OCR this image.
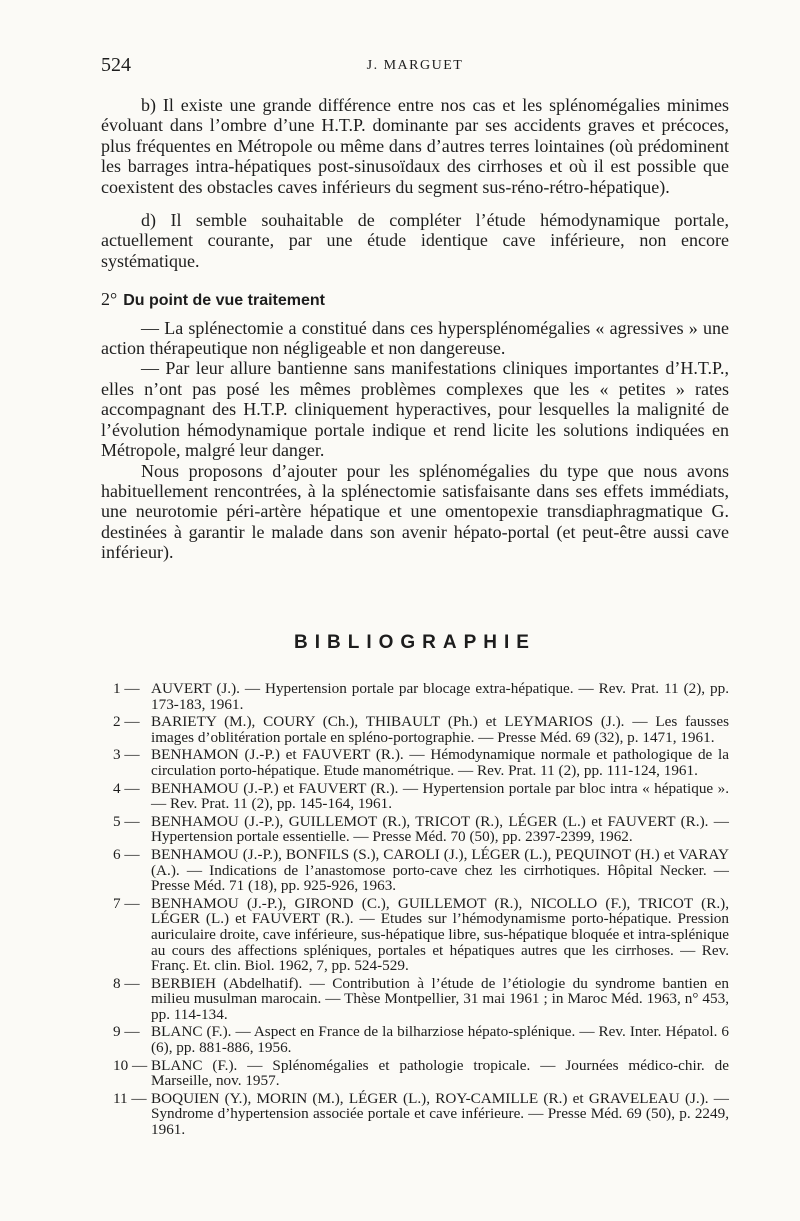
524	J. MARGUET

b) Il existe une grande différence entre nos cas et les splénomégalies minimes évoluant dans l’ombre d’une H.T.P. dominante par ses accidents graves et précoces, plus fréquentes en Métropole ou même dans d’autres terres lointaines (où prédominent les barrages intra-hépatiques post-sinusoïdaux des cirrhoses et où il est possible que coexistent des obstacles caves inférieurs du segment sus-réno-rétro-hépatique).

d) Il semble souhaitable de compléter l’étude hémodynamique portale, actuellement courante, par une étude identique cave inférieure, non encore systématique.

2° Du point de vue traitement

— La splénectomie a constitué dans ces hypersplénomégalies « agressives » une action thérapeutique non négligeable et non dangereuse.

— Par leur allure bantienne sans manifestations cliniques importantes d’H.T.P., elles n’ont pas posé les mêmes problèmes complexes que les « petites » rates accompagnant des H.T.P. cliniquement hyperactives, pour lesquelles la malignité de l’évolution hémodynamique portale indique et rend licite les solutions indiquées en Métropole, malgré leur danger.

Nous proposons d’ajouter pour les splénomégalies du type que nous avons habituellement rencontrées, à la splénectomie satisfaisante dans ses effets immédiats, une neurotomie péri-artère hépatique et une omentopexie transdiaphragmatique G. destinées à garantir le malade dans son avenir hépato-portal (et peut-être aussi cave inférieur).

BIBLIOGRAPHIE
1 — AUVERT (J.). — Hypertension portale par blocage extra-hépatique. — Rev. Prat. 11 (2), pp. 173-183, 1961.
2 — BARIETY (M.), COURY (Ch.), THIBAULT (Ph.) et LEYMARIOS (J.). — Les fausses images d’oblitération portale en spléno-portographie. — Presse Méd. 69 (32), p. 1471, 1961.
3 — BENHAMON (J.-P.) et FAUVERT (R.). — Hémodynamique normale et pathologique de la circulation porto-hépatique. Etude manométrique. — Rev. Prat. 11 (2), pp. 111-124, 1961.
4 — BENHAMOU (J.-P.) et FAUVERT (R.). — Hypertension portale par bloc intra « hépatique ». — Rev. Prat. 11 (2), pp. 145-164, 1961.
5 — BENHAMOU (J.-P.), GUILLEMOT (R.), TRICOT (R.), LÉGER (L.) et FAUVERT (R.). — Hypertension portale essentielle. — Presse Méd. 70 (50), pp. 2397-2399, 1962.
6 — BENHAMOU (J.-P.), BONFILS (S.), CAROLI (J.), LÉGER (L.), PEQUINOT (H.) et VARAY (A.). — Indications de l’anastomose porto-cave chez les cirrhotiques. Hôpital Necker. — Presse Méd. 71 (18), pp. 925-926, 1963.
7 — BENHAMOU (J.-P.), GIROND (C.), GUILLEMOT (R.), NICOLLO (F.), TRICOT (R.), LÉGER (L.) et FAUVERT (R.). — Etudes sur l’hémodynamisme porto-hépatique. Pression auriculaire droite, cave inférieure, sus-hépatique libre, sus-hépatique bloquée et intra-splénique au cours des affections spléniques, portales et hépatiques autres que les cirrhoses. — Rev. Franç. Et. clin. Biol. 1962, 7, pp. 524-529.
8 — BERBIEH (Abdelhatif). — Contribution à l’étude de l’étiologie du syndrome bantien en milieu musulman marocain. — Thèse Montpellier, 31 mai 1961 ; in Maroc Méd. 1963, n° 453, pp. 114-134.
9 — BLANC (F.). — Aspect en France de la bilharziose hépato-splénique. — Rev. Inter. Hépatol. 6 (6), pp. 881-886, 1956.
10 — BLANC (F.). — Splénomégalies et pathologie tropicale. — Journées médico-chir. de Marseille, nov. 1957.
11 — BOQUIEN (Y.), MORIN (M.), LÉGER (L.), ROY-CAMILLE (R.) et GRAVELEAU (J.). — Syndrome d’hypertension associée portale et cave inférieure. — Presse Méd. 69 (50), p. 2249, 1961.
